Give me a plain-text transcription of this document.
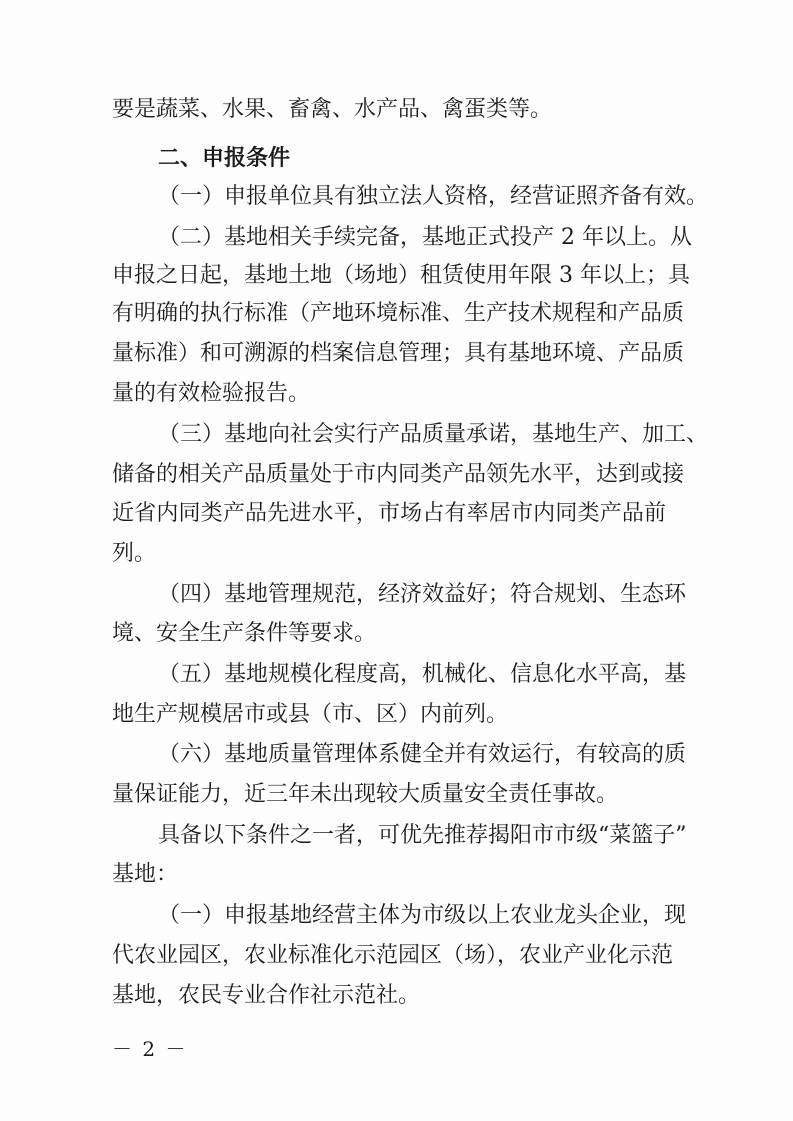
要是蔬菜、水果、畜禽、水产品、禽蛋类等。
二、申报条件
（一）申报单位具有独立法人资格，经营证照齐备有效。
（二）基地相关手续完备，基地正式投产 2 年以上。从
申报之日起，基地土地（场地）租赁使用年限 3 年以上；具
有明确的执行标准（产地环境标准、生产技术规程和产品质
量标准）和可溯源的档案信息管理；具有基地环境、产品质
量的有效检验报告。
（三）基地向社会实行产品质量承诺，基地生产、加工、
储备的相关产品质量处于市内同类产品领先水平，达到或接
近省内同类产品先进水平，市场占有率居市内同类产品前
列。
（四）基地管理规范，经济效益好；符合规划、生态环
境、安全生产条件等要求。
（五）基地规模化程度高，机械化、信息化水平高，基
地生产规模居市或县（市、区）内前列。
（六）基地质量管理体系健全并有效运行，有较高的质
量保证能力，近三年未出现较大质量安全责任事故。
具备以下条件之一者，可优先推荐揭阳市市级“菜篮子”
基地：
（一）申报基地经营主体为市级以上农业龙头企业，现
代农业园区，农业标准化示范园区（场），农业产业化示范
基地，农民专业合作社示范社。
－ 2 －
